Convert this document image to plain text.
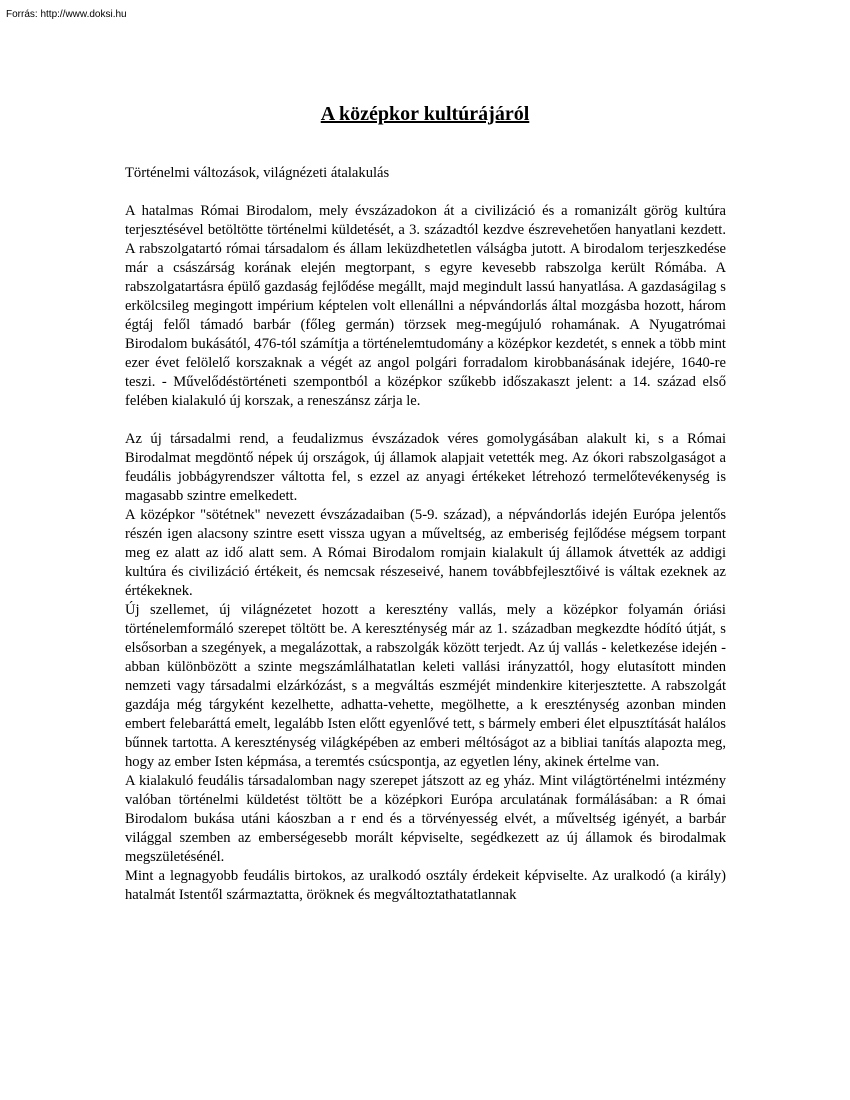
Forrás: http://www.doksi.hu
A középkor kultúrájáról

Történelmi változások, világnézeti átalakulás

A hatalmas Római Birodalom, mely évszázadokon át a civilizáció és a romanizált görög kultúra terjesztésével betöltötte történelmi küldetését, a 3. századtól kezdve észrevehetően hanyatlani kezdett. A rabszolgatartó római társadalom és állam leküzdhetetlen válságba jutott. A birodalom terjeszkedése már a császárság korának elején megtorpant, s egyre kevesebb rabszolga került Rómába. A rabszolgatartásra épülő gazdaság fejlődése megállt, majd megindult lassú hanyatlása. A gazdaságilag s erkölcsileg megingott impérium képtelen volt ellenállni a népvándorlás által mozgásba hozott, három égtáj felől támadó barbár (főleg germán) törzsek meg-megújuló rohamának. A Nyugatrómai Birodalom bukásától, 476-tól számítja a történelemtudomány a középkor kezdetét, s ennek a több mint ezer évet felölelő korszaknak a végét az angol polgári forradalom kirobbanásának idejére, 1640-re teszi. - Művelődéstörténeti szempontból a középkor szűkebb időszakaszt jelent: a 14. század első felében kialakuló új korszak, a reneszánsz zárja le.

Az új társadalmi rend, a feudalizmus évszázadok véres gomolygásában alakult ki, s a Római Birodalmat megdöntő népek új országok, új államok alapjait vetették meg. Az ókori rabszolgaságot a feudális jobbágyrendszer váltotta fel, s ezzel az anyagi értékeket létrehozó termelőtevékenység is magasabb szintre emelkedett.

A középkor "sötétnek" nevezett évszázadaiban (5-9. század), a népvándorlás idején Európa jelentős részén igen alacsony szintre esett vissza ugyan a műveltség, az emberiség fejlődése mégsem torpant meg ez alatt az idő alatt sem. A Római Birodalom romjain kialakult új államok átvették az addigi kultúra és civilizáció értékeit, és nemcsak részeseivé, hanem továbbfejlesztőivé is váltak ezeknek az értékeknek.

Új szellemet, új világnézetet hozott a keresztény vallás, mely a középkor folyamán óriási történelemformáló szerepet töltött be. A kereszténység már az 1. században megkezdte hódító útját, s elsősorban a szegények, a megalázottak, a rabszolgák között terjedt. Az új vallás - keletkezése idején - abban különbözött a szinte megszámlálhatatlan keleti vallási irányzattól, hogy elutasított minden nemzeti vagy társadalmi elzárkózást, s a megváltás eszméjét mindenkire kiterjesztette. A rabszolgát gazdája még tárgyként kezelhette, adhatta-vehette, megölhette, a k ereszténység azonban minden embert felebaráttá emelt, legalább Isten előtt egyenlővé tett, s bármely emberi élet elpusztítását halálos bűnnek tartotta. A kereszténység világképében az emberi méltóságot az a bibliai tanítás alapozta meg, hogy az ember Isten képmása, a teremtés csúcspontja, az egyetlen lény, akinek értelme van.

A kialakuló feudális társadalomban nagy szerepet játszott az eg yház. Mint világtörténelmi intézmény valóban történelmi küldetést töltött be a középkori Európa arculatának formálásában: a R ómai Birodalom bukása utáni káoszban a r end és a törvényesség elvét, a műveltség igényét, a barbár világgal szemben az emberségesebb morált képviselte, segédkezett az új államok és birodalmak megszületésénél.

Mint a legnagyobb feudális birtokos, az uralkodó osztály érdekeit képviselte. Az uralkodó (a király) hatalmát Istentől származtatta, öröknek és megváltoztathatatlannak
